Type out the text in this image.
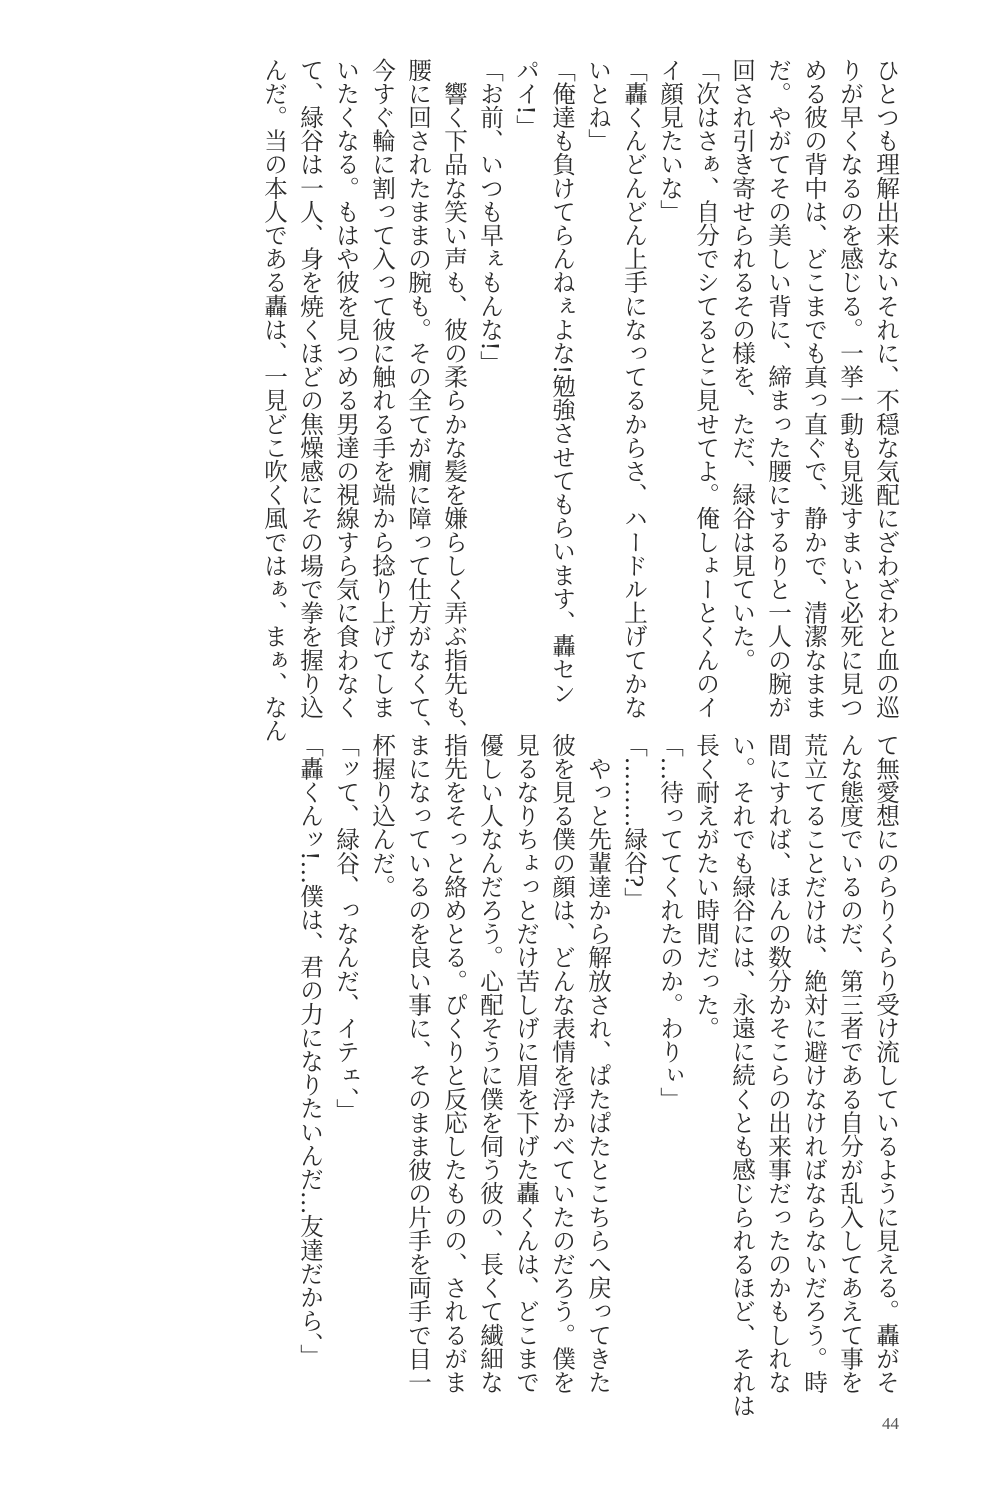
ひとつも理解出来ないそれに、不穏な気配にざわざわと血の巡
りが早くなるのを感じる。一挙一動も見逃すまいと必死に見つ
める彼の背中は、どこまでも真っ直ぐで、静かで、清潔なまま
だ。やがてその美しい背に、締まった腰にするりと一人の腕が
回され引き寄せられるその様を、ただ、緑谷は見ていた。
「次はさぁ、自分でシてるとこ見せてよ。俺しょーとくんのイ
イ顔見たいな」
「轟くんどんどん上手になってるからさ、ハードル上げてかな
いとね」
「俺達も負けてらんねぇよな!勉強させてもらいます、轟セン
パイ!」
「お前、いつも早ぇもんな!」
　響く下品な笑い声も、彼の柔らかな髪を嫌らしく弄ぶ指先も、
腰に回されたままの腕も。その全てが癇に障って仕方がなくて、
今すぐ輪に割って入って彼に触れる手を端から捻り上げてしま
いたくなる。もはや彼を見つめる男達の視線すら気に食わなく
て、緑谷は一人、身を焼くほどの焦燥感にその場で拳を握り込
んだ。当の本人である轟は、一見どこ吹く風ではぁ、まぁ、なん
て無愛想にのらりくらり受け流しているように見える。轟がそ
んな態度でいるのだ、第三者である自分が乱入してあえて事を
荒立てることだけは、絶対に避けなければならないだろう。時
間にすれば、ほんの数分かそこらの出来事だったのかもしれな
い。それでも緑谷には、永遠に続くとも感じられるほど、それは
長く耐えがたい時間だった。
「…待っててくれたのか。わりぃ」
「………緑谷?」
　やっと先輩達から解放され、ぱたぱたとこちらへ戻ってきた
彼を見る僕の顔は、どんな表情を浮かべていたのだろう。僕を
見るなりちょっとだけ苦しげに眉を下げた轟くんは、どこまで
優しい人なんだろう。心配そうに僕を伺う彼の、長くて繊細な
指先をそっと絡めとる。ぴくりと反応したものの、されるがま
まになっているのを良い事に、そのまま彼の片手を両手で目一
杯握り込んだ。
「ッて、緑谷、っなんだ、イテェ、」
「轟くんッ!…僕は、君の力になりたいんだ…友達だから、」
44
